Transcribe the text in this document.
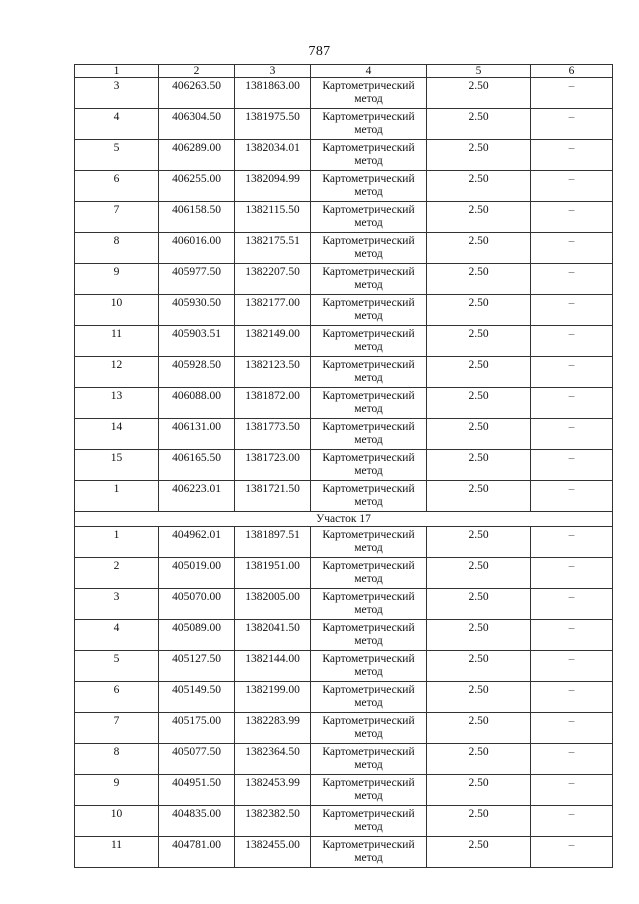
787
1	2	3	4	5	6
3	406263.50	1381863.00	Картометрический метод	2.50	–
4	406304.50	1381975.50	Картометрический метод	2.50	–
5	406289.00	1382034.01	Картометрический метод	2.50	–
6	406255.00	1382094.99	Картометрический метод	2.50	–
7	406158.50	1382115.50	Картометрический метод	2.50	–
8	406016.00	1382175.51	Картометрический метод	2.50	–
9	405977.50	1382207.50	Картометрический метод	2.50	–
10	405930.50	1382177.00	Картометрический метод	2.50	–
11	405903.51	1382149.00	Картометрический метод	2.50	–
12	405928.50	1382123.50	Картометрический метод	2.50	–
13	406088.00	1381872.00	Картометрический метод	2.50	–
14	406131.00	1381773.50	Картометрический метод	2.50	–
15	406165.50	1381723.00	Картометрический метод	2.50	–
1	406223.01	1381721.50	Картометрический метод	2.50	–
Участок 17					
1	404962.01	1381897.51	Картометрический метод	2.50	–
2	405019.00	1381951.00	Картометрический метод	2.50	–
3	405070.00	1382005.00	Картометрический метод	2.50	–
4	405089.00	1382041.50	Картометрический метод	2.50	–
5	405127.50	1382144.00	Картометрический метод	2.50	–
6	405149.50	1382199.00	Картометрический метод	2.50	–
7	405175.00	1382283.99	Картометрический метод	2.50	–
8	405077.50	1382364.50	Картометрический метод	2.50	–
9	404951.50	1382453.99	Картометрический метод	2.50	–
10	404835.00	1382382.50	Картометрический метод	2.50	–
11	404781.00	1382455.00	Картометрический метод	2.50	–
